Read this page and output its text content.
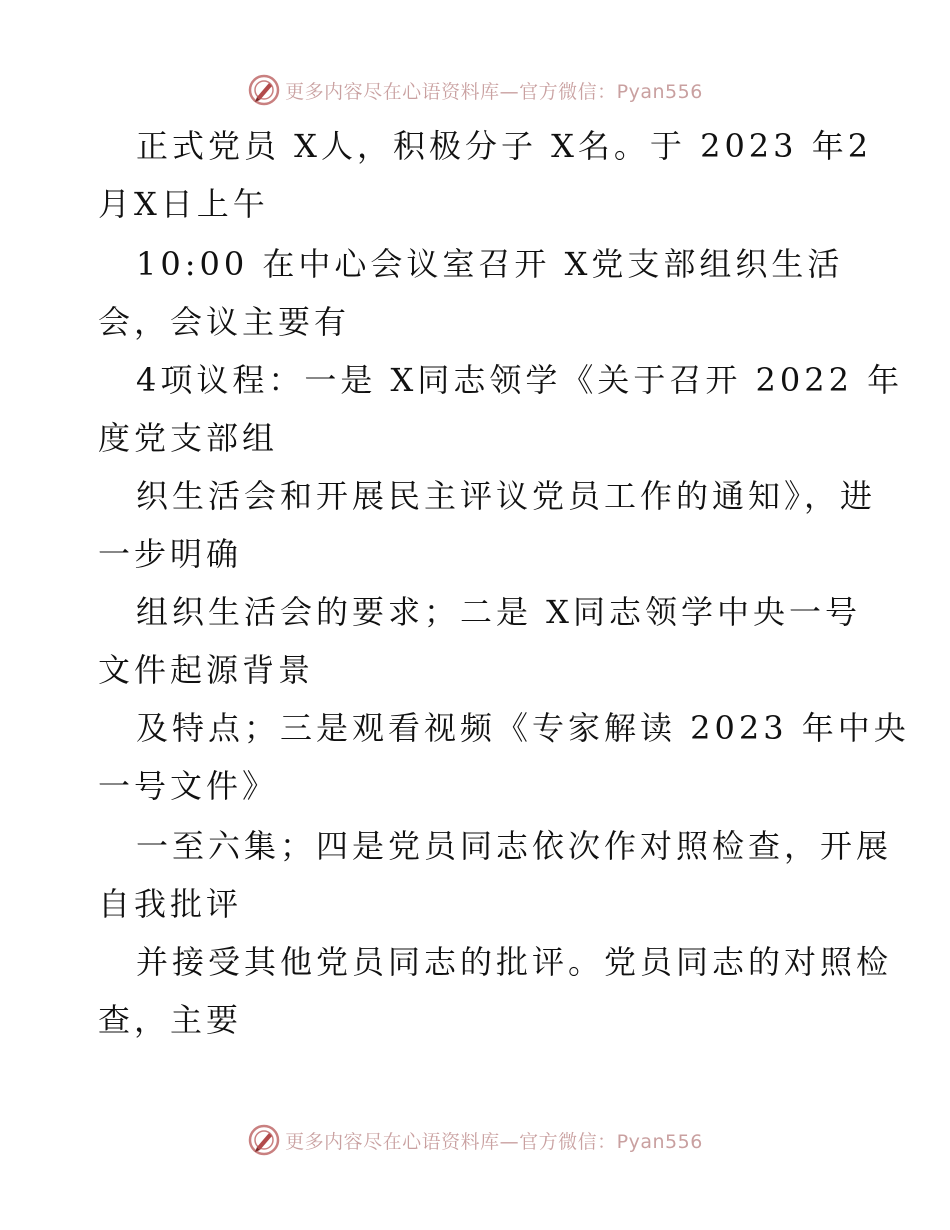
更多内容尽在心语资料库—官方微信：Pyan556
正式党员 X人，积极分子 X名。于 2023 年2
月X日上午
10:00 在中心会议室召开 X党支部组织生活
会，会议主要有
4项议程：一是 X同志领学《关于召开 2022 年
度党支部组
织生活会和开展民主评议党员工作的通知》，进
一步明确
组织生活会的要求；二是 X同志领学中央一号
文件起源背景
及特点；三是观看视频《专家解读 2023 年中央
一号文件》
一至六集；四是党员同志依次作对照检查，开展
自我批评
并接受其他党员同志的批评。党员同志的对照检
查，主要
更多内容尽在心语资料库—官方微信：Pyan556
